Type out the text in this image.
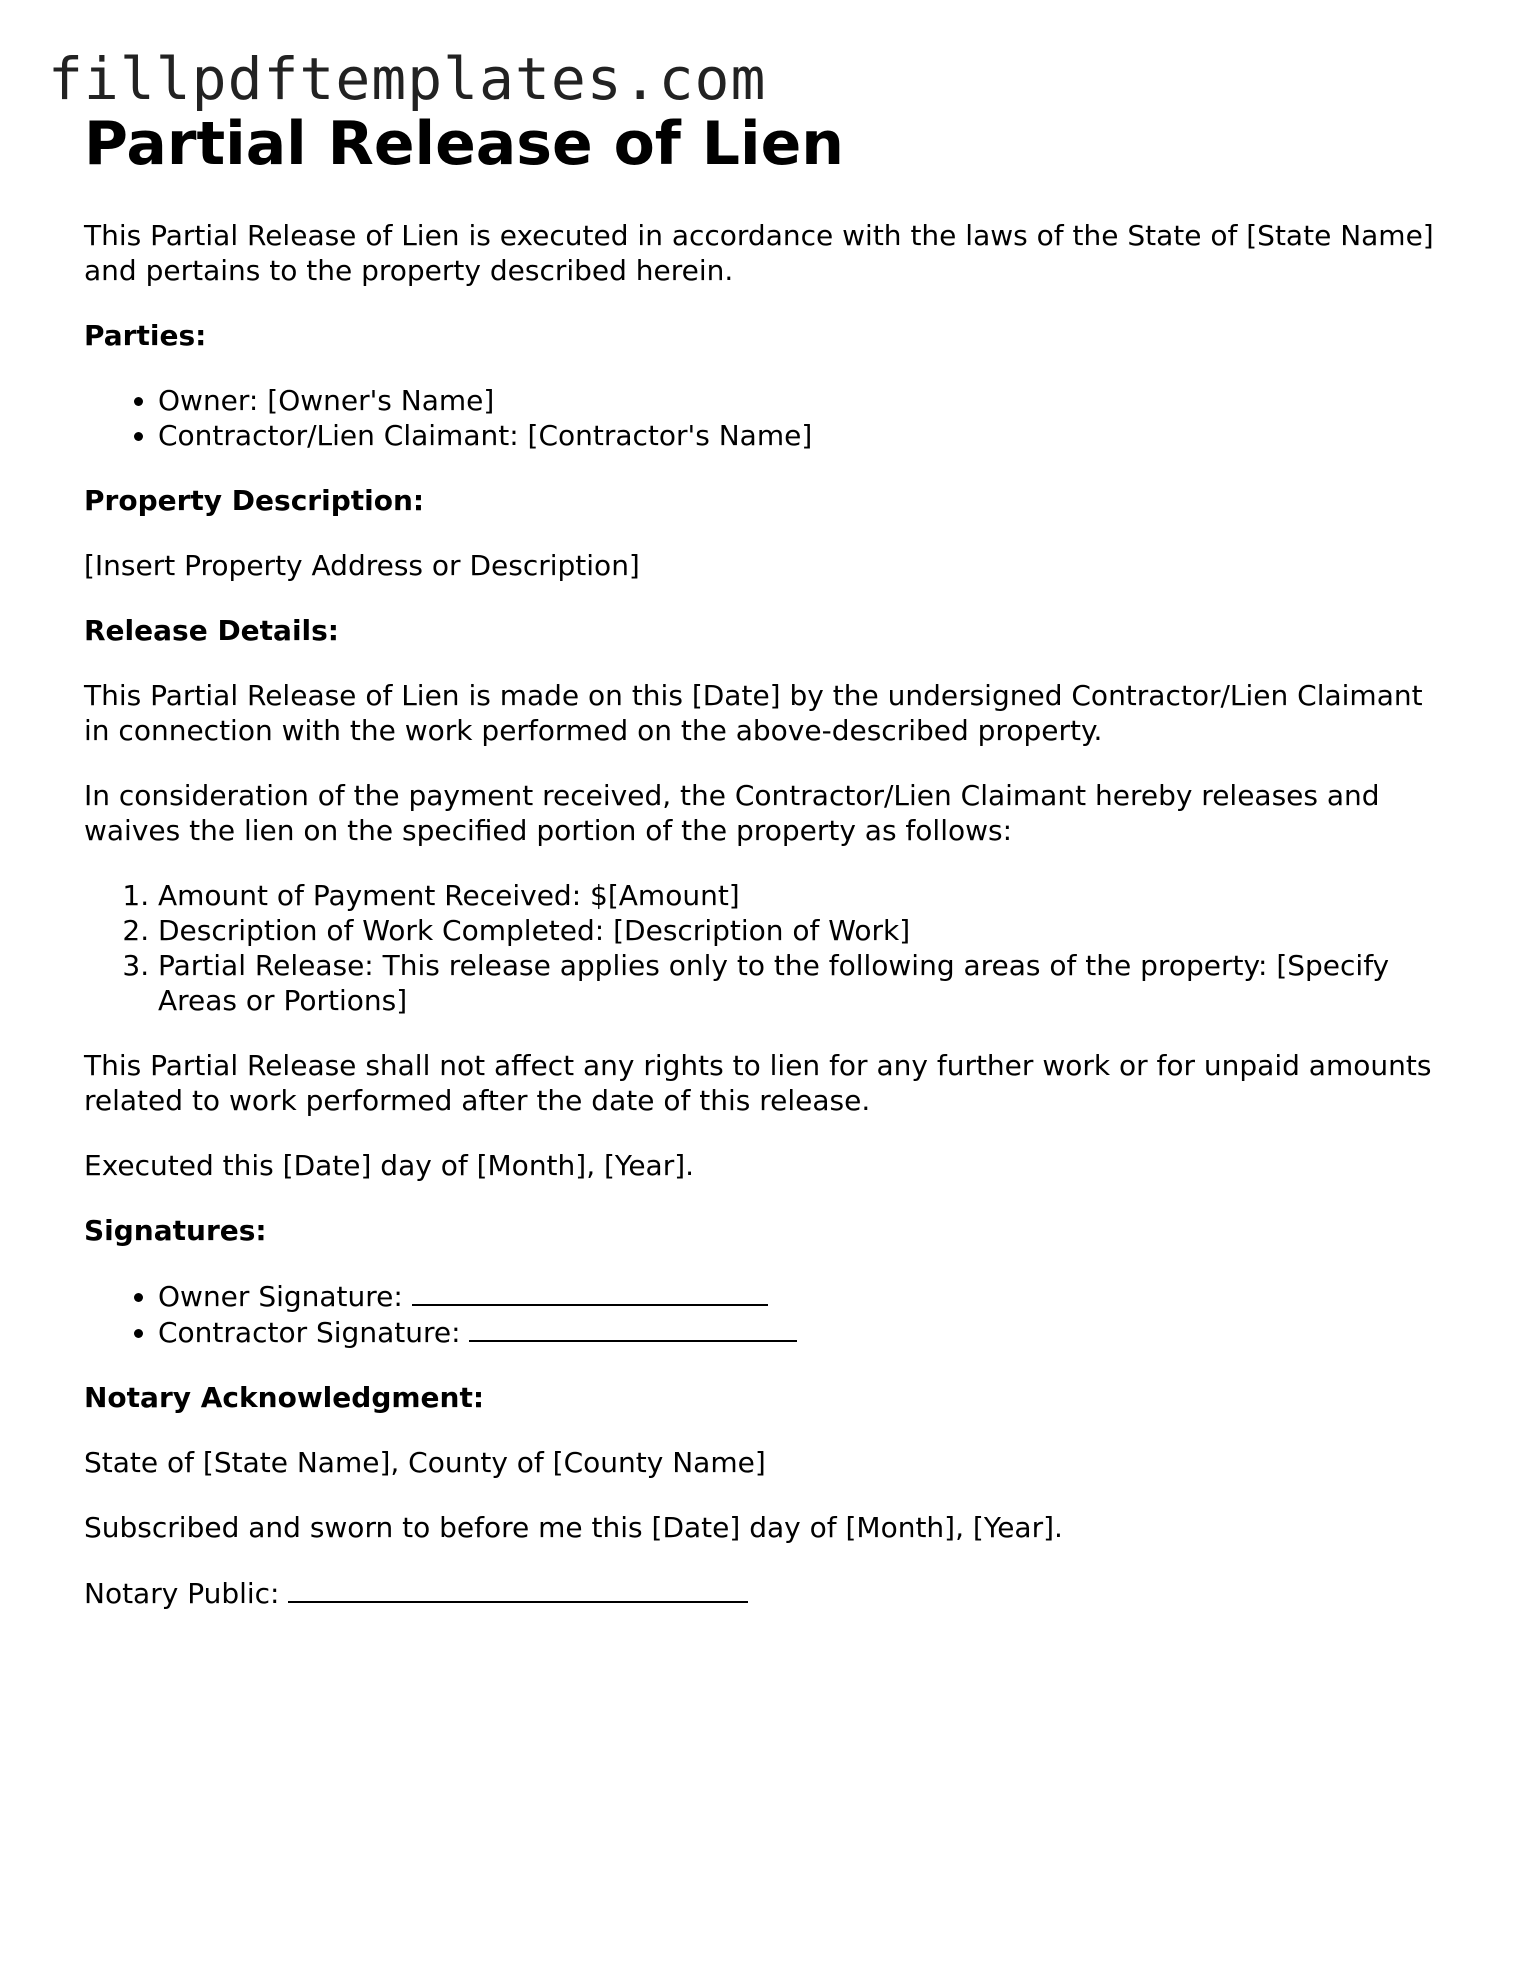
fillpdftemplates.com
Partial Release of Lien

This Partial Release of Lien is executed in accordance with the laws of the State of [State Name] and pertains to the property described herein.

Parties:

• Owner: [Owner's Name]
• Contractor/Lien Claimant: [Contractor's Name]

Property Description:

[Insert Property Address or Description]

Release Details:

This Partial Release of Lien is made on this [Date] by the undersigned Contractor/Lien Claimant in connection with the work performed on the above-described property.

In consideration of the payment received, the Contractor/Lien Claimant hereby releases and waives the lien on the specified portion of the property as follows:

1. Amount of Payment Received: $[Amount]
2. Description of Work Completed: [Description of Work]
3. Partial Release: This release applies only to the following areas of the property: [Specify Areas or Portions]

This Partial Release shall not affect any rights to lien for any further work or for unpaid amounts related to work performed after the date of this release.

Executed this [Date] day of [Month], [Year].

Signatures:

• Owner Signature:
• Contractor Signature:

Notary Acknowledgment:

State of [State Name], County of [County Name]

Subscribed and sworn to before me this [Date] day of [Month], [Year].

Notary Public:
